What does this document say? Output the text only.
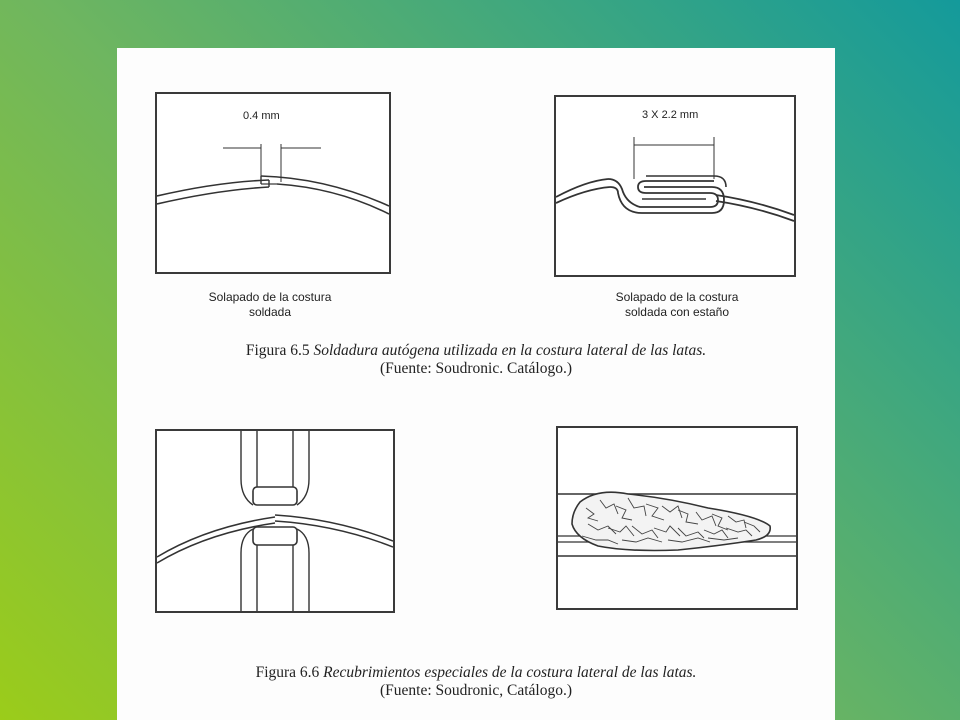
0.4 mm	3 X 2.2 mm
Solapado de la costura
soldada
Solapado de la costura
soldada con estaño
Figura 6.5 Soldadura autógena utilizada en la costura lateral de las latas.
(Fuente: Soudronic. Catálogo.)
Figura 6.6 Recubrimientos especiales de la costura lateral de las latas.
(Fuente: Soudronic, Catálogo.)
